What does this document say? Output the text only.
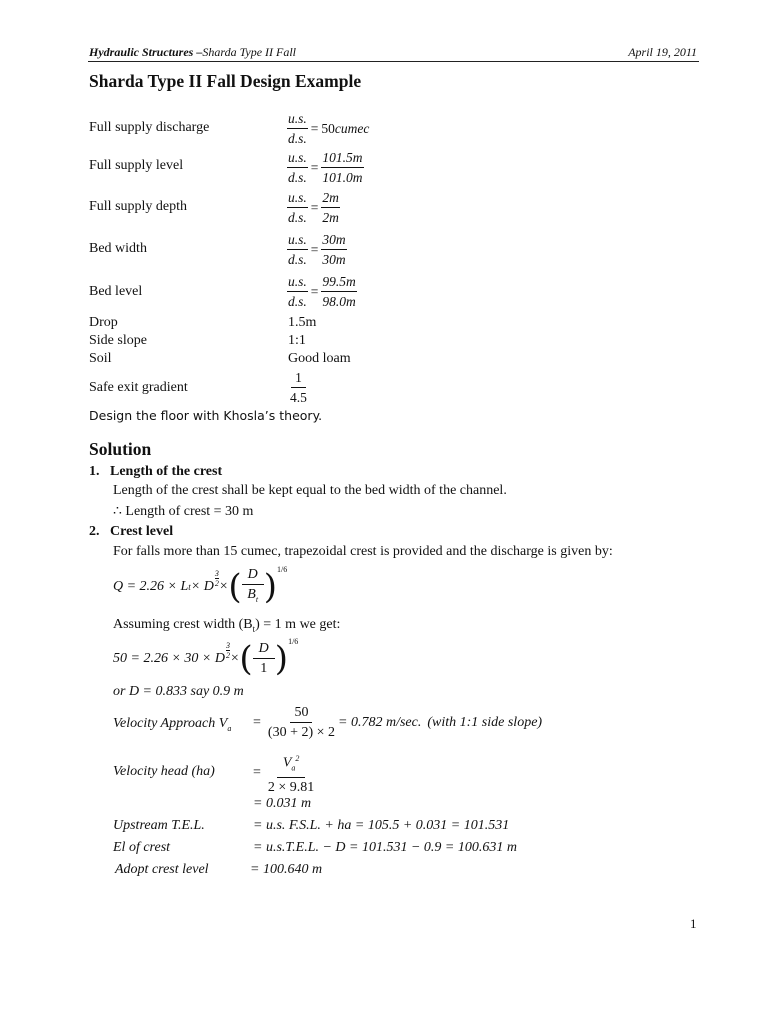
Hydraulic Structures –Sharda Type II Fall	April 19, 2011
Sharda Type II Fall Design Example
Full supply discharge	$\frac{u.s.}{d.s.} = 50$ cumec
Full supply level	$\frac{u.s.}{d.s.} = \frac{101.5m}{101.0m}$
Full supply depth	$\frac{u.s.}{d.s.} = \frac{2m}{2m}$
Bed width	$\frac{u.s.}{d.s.} = \frac{30m}{30m}$
Bed level	$\frac{u.s.}{d.s.} = \frac{99.5m}{98.0m}$
Drop	1.5m
Side slope	1:1
Soil	Good loam
Safe exit gradient	$\frac{1}{4.5}$
Design the floor with Khosla’s theory.
Solution
1. Length of the crest
Length of the crest shall be kept equal to the bed width of the channel.
∴ Length of crest = 30 m
2. Crest level
For falls more than 15 cumec, trapezoidal crest is provided and the discharge is given by:
Q = 2.26 × L t × D $\frac{3}{2}$ × ( $\frac{D}{B_t}$ ) 1/6
Assuming crest width $(B_t) = 1$ m we get:
50 = 2.26 × 30 × D $\frac{3}{2}$ × ( $\frac{D}{1}$ ) 1/6
or D = 0.833 say 0.9 m
Velocity Approach $V_a = \frac{50}{(30 + 2) \times 2} = 0.782$ m/sec. (with 1:1 side slope)
Velocity head (ha)	= $\frac{V_a^2}{2 \times 9.81}$
= 0.031 m
Upstream T.E.L.	= u.s. F.S.L. + ha = 105.5 + 0.031 = 101.531
El of crest	= u.s.T.E.L. − D = 101.531 − 0.9 = 100.631 m
Adopt crest level	= 100.640 m
1
